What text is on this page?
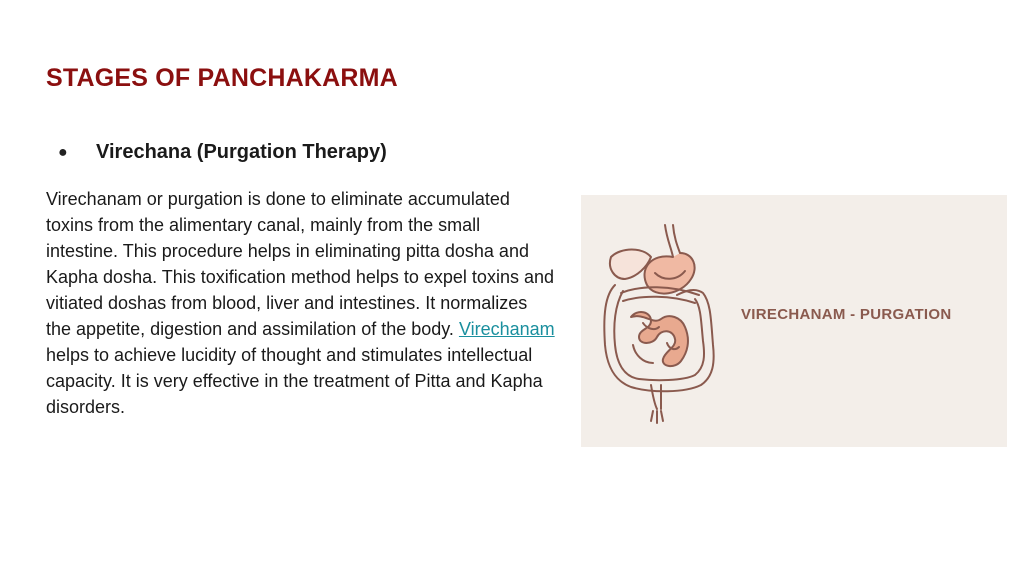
STAGES OF PANCHAKARMA
●	Virechana (Purgation Therapy)
Virechanam or purgation is done to eliminate accumulated toxins from the alimentary canal, mainly from the small intestine. This procedure helps in eliminating pitta dosha and Kapha dosha. This toxification method helps to expel toxins and vitiated doshas from blood, liver and intestines. It normalizes the appetite, digestion and assimilation of the body. Virechanam helps to achieve lucidity of thought and stimulates intellectual capacity. It is very effective in the treatment of Pitta and Kapha disorders.
VIRECHANAM - PURGATION
